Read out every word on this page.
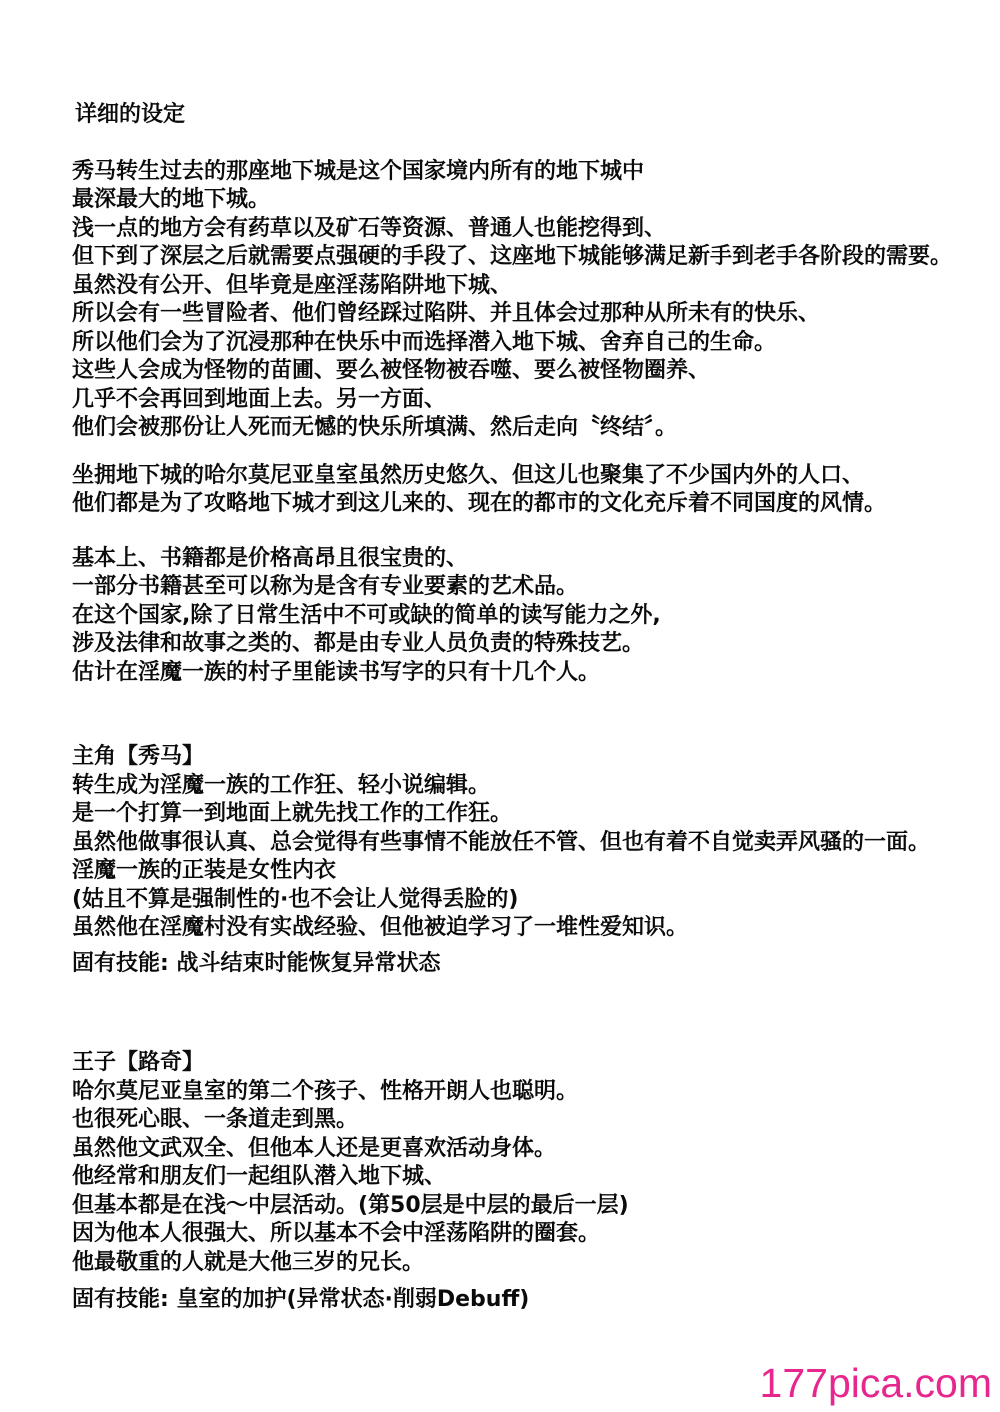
详细的设定
秀马转生过去的那座地下城是这个国家境内所有的地下城中
最深最大的地下城。
浅一点的地方会有药草以及矿石等资源、普通人也能挖得到、
但下到了深层之后就需要点强硬的手段了、这座地下城能够满足新手到老手各阶段的需要。
虽然没有公开、但毕竟是座淫荡陷阱地下城、
所以会有一些冒险者、他们曾经踩过陷阱、并且体会过那种从所未有的快乐、
所以他们会为了沉浸那种在快乐中而选择潜入地下城、舍弃自己的生命。
这些人会成为怪物的苗圃、要么被怪物被吞噬、要么被怪物圈养、
几乎不会再回到地面上去。另一方面、
他们会被那份让人死而无憾的快乐所填满、然后走向〝终结〞。
坐拥地下城的哈尔莫尼亚皇室虽然历史悠久、但这儿也聚集了不少国内外的人口、
他们都是为了攻略地下城才到这儿来的、现在的都市的文化充斥着不同国度的风情。
基本上、书籍都是价格高昂且很宝贵的、
一部分书籍甚至可以称为是含有专业要素的艺术品。
在这个国家,除了日常生活中不可或缺的简单的读写能力之外,
涉及法律和故事之类的、都是由专业人员负责的特殊技艺。
估计在淫魔一族的村子里能读书写字的只有十几个人。
主角【秀马】
转生成为淫魔一族的工作狂、轻小说编辑。
是一个打算一到地面上就先找工作的工作狂。
虽然他做事很认真、总会觉得有些事情不能放任不管、但也有着不自觉卖弄风骚的一面。
淫魔一族的正装是女性内衣
(姑且不算是强制性的·也不会让人觉得丢脸的)
虽然他在淫魔村没有实战经验、但他被迫学习了一堆性爱知识。
固有技能: 战斗结束时能恢复异常状态
王子【路奇】
哈尔莫尼亚皇室的第二个孩子、性格开朗人也聪明。
也很死心眼、一条道走到黑。
虽然他文武双全、但他本人还是更喜欢活动身体。
他经常和朋友们一起组队潜入地下城、
但基本都是在浅〜中层活动。(第50层是中层的最后一层)
因为他本人很强大、所以基本不会中淫荡陷阱的圈套。
他最敬重的人就是大他三岁的兄长。
固有技能: 皇室的加护(异常状态·削弱Debuff)
177pica.com
